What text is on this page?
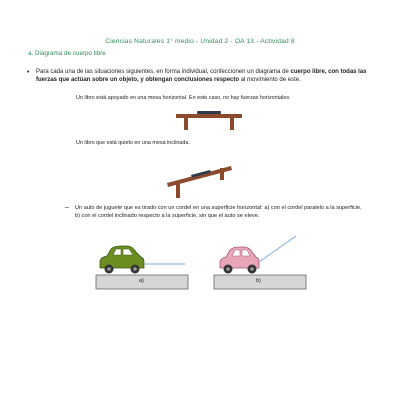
Ciencias Naturales 1° medio - Unidad 2 - OA 13 - Actividad 8
a. Diagrama de cuerpo libre
• Para cada una de las situaciones siguientes, en forma individual, confeccionen un diagrama de cuerpo libre, con todas las fuerzas que actúan sobre un objeto, y obtengan conclusiones respecto al movimiento de este.
Un libro está apoyado en una mesa horizontal. En este caso, no hay fuerzas horizontales.
Un libro que está quieto en una mesa inclinada.
– Un auto de juguete que es tirado con un cordel en una superficie horizontal: a) con el cordel paralelo a la superficie, b) con el cordel inclinado respecto a la superficie, sin que el auto se eleve.
a)	b)
